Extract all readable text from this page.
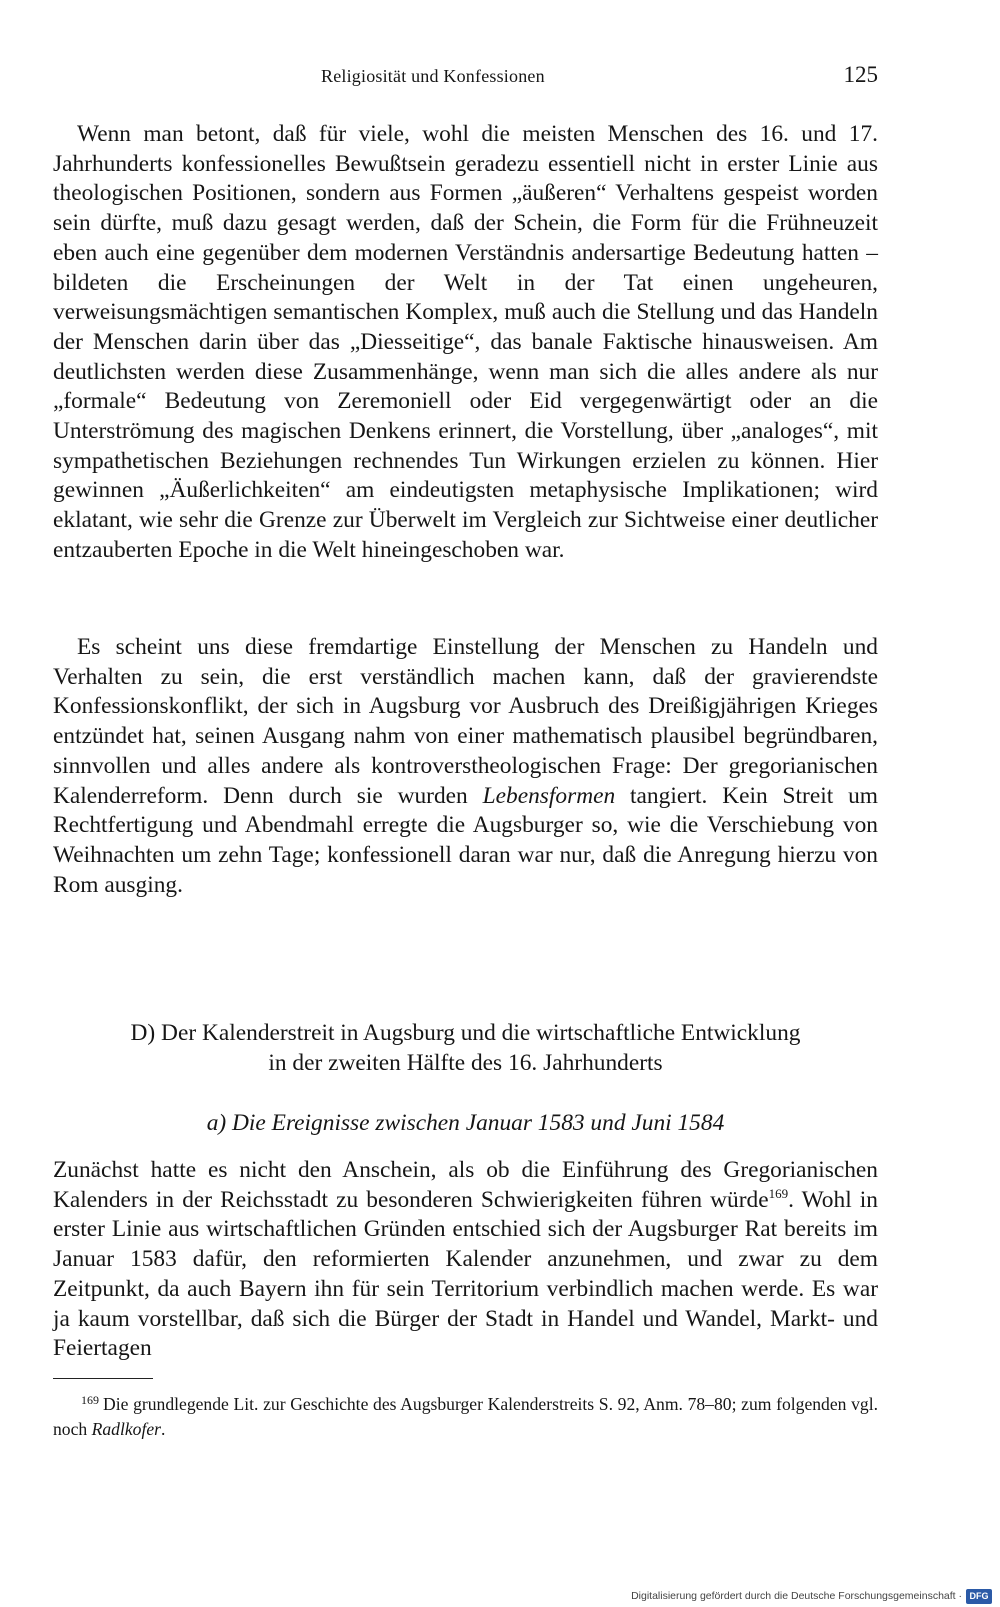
Religiosität und Konfessionen	125

Wenn man betont, daß für viele, wohl die meisten Menschen des 16. und 17. Jahrhunderts konfessionelles Bewußtsein geradezu essentiell nicht in erster Linie aus theologischen Positionen, sondern aus Formen „äußeren“ Verhaltens gespeist worden sein dürfte, muß dazu gesagt werden, daß der Schein, die Form für die Frühneuzeit eben auch eine gegenüber dem modernen Verständnis andersartige Bedeutung hatten – bildeten die Erscheinungen der Welt in der Tat einen ungeheuren, verweisungsmächtigen semantischen Komplex, muß auch die Stellung und das Handeln der Menschen darin über das „Diesseitige“, das banale Faktische hinausweisen. Am deutlichsten werden diese Zusammenhänge, wenn man sich die alles andere als nur „formale“ Bedeutung von Zeremoniell oder Eid vergegenwärtigt oder an die Unterströmung des magischen Denkens erinnert, die Vorstellung, über „analoges“, mit sympathetischen Beziehungen rechnendes Tun Wirkungen erzielen zu können. Hier gewinnen „Äußerlichkeiten“ am eindeutigsten metaphysische Implikationen; wird eklatant, wie sehr die Grenze zur Überwelt im Vergleich zur Sichtweise einer deutlicher entzauberten Epoche in die Welt hineingeschoben war.

Es scheint uns diese fremdartige Einstellung der Menschen zu Handeln und Verhalten zu sein, die erst verständlich machen kann, daß der gravierendste Konfessionskonflikt, der sich in Augsburg vor Ausbruch des Dreißigjährigen Krieges entzündet hat, seinen Ausgang nahm von einer mathematisch plausibel begründbaren, sinnvollen und alles andere als kontroverstheologischen Frage: Der gregorianischen Kalenderreform. Denn durch sie wurden Lebensformen tangiert. Kein Streit um Rechtfertigung und Abendmahl erregte die Augsburger so, wie die Verschiebung von Weihnachten um zehn Tage; konfessionell daran war nur, daß die Anregung hierzu von Rom ausging.

D) Der Kalenderstreit in Augsburg und die wirtschaftliche Entwicklung
in der zweiten Hälfte des 16. Jahrhunderts
a) Die Ereignisse zwischen Januar 1583 und Juni 1584

Zunächst hatte es nicht den Anschein, als ob die Einführung des Gregorianischen Kalenders in der Reichsstadt zu besonderen Schwierigkeiten führen würde$^{169}$. Wohl in erster Linie aus wirtschaftlichen Gründen entschied sich der Augsburger Rat bereits im Januar 1583 dafür, den reformierten Kalender anzunehmen, und zwar zu dem Zeitpunkt, da auch Bayern ihn für sein Territorium verbindlich machen werde. Es war ja kaum vorstellbar, daß sich die Bürger der Stadt in Handel und Wandel, Markt- und Feiertagen

$^{169}$ Die grundlegende Lit. zur Geschichte des Augsburger Kalenderstreits S. 92, Anm. 78–80; zum folgenden vgl. noch Radlkofer.

Digitalisierung gefördert durch die Deutsche Forschungsgemeinschaft · DFG
